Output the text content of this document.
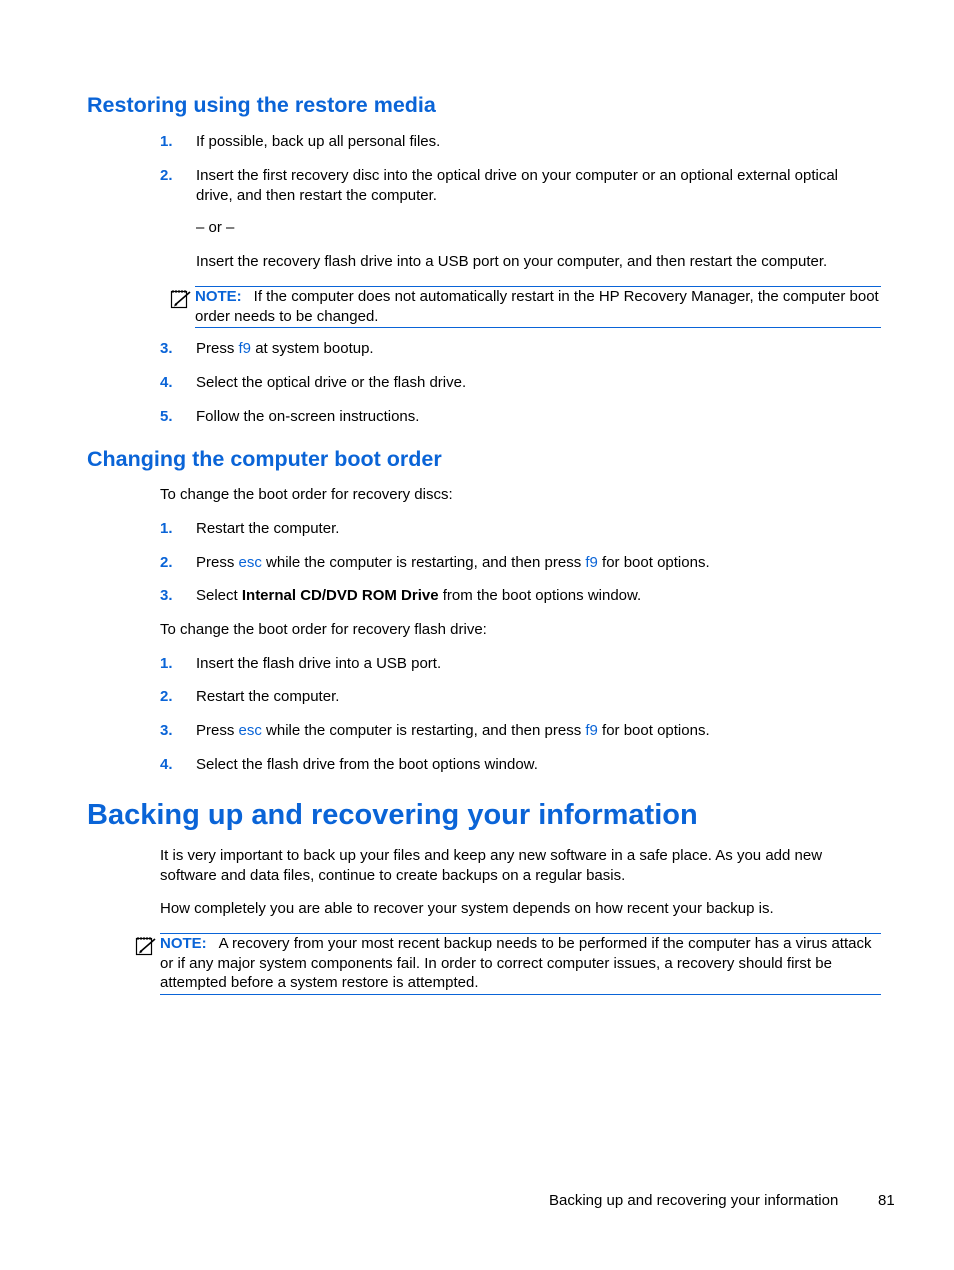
Restoring using the restore media
1. If possible, back up all personal files.
2. Insert the first recovery disc into the optical drive on your computer or an optional external optical drive, and then restart the computer.
– or –
Insert the recovery flash drive into a USB port on your computer, and then restart the computer.
NOTE: If the computer does not automatically restart in the HP Recovery Manager, the computer boot order needs to be changed.
3. Press f9 at system bootup.
4. Select the optical drive or the flash drive.
5. Follow the on-screen instructions.
Changing the computer boot order
To change the boot order for recovery discs:
1. Restart the computer.
2. Press esc while the computer is restarting, and then press f9 for boot options.
3. Select Internal CD/DVD ROM Drive from the boot options window.
To change the boot order for recovery flash drive:
1. Insert the flash drive into a USB port.
2. Restart the computer.
3. Press esc while the computer is restarting, and then press f9 for boot options.
4. Select the flash drive from the boot options window.
Backing up and recovering your information
It is very important to back up your files and keep any new software in a safe place. As you add new software and data files, continue to create backups on a regular basis.
How completely you are able to recover your system depends on how recent your backup is.
NOTE: A recovery from your most recent backup needs to be performed if the computer has a virus attack or if any major system components fail. In order to correct computer issues, a recovery should first be attempted before a system restore is attempted.
Backing up and recovering your information	81
